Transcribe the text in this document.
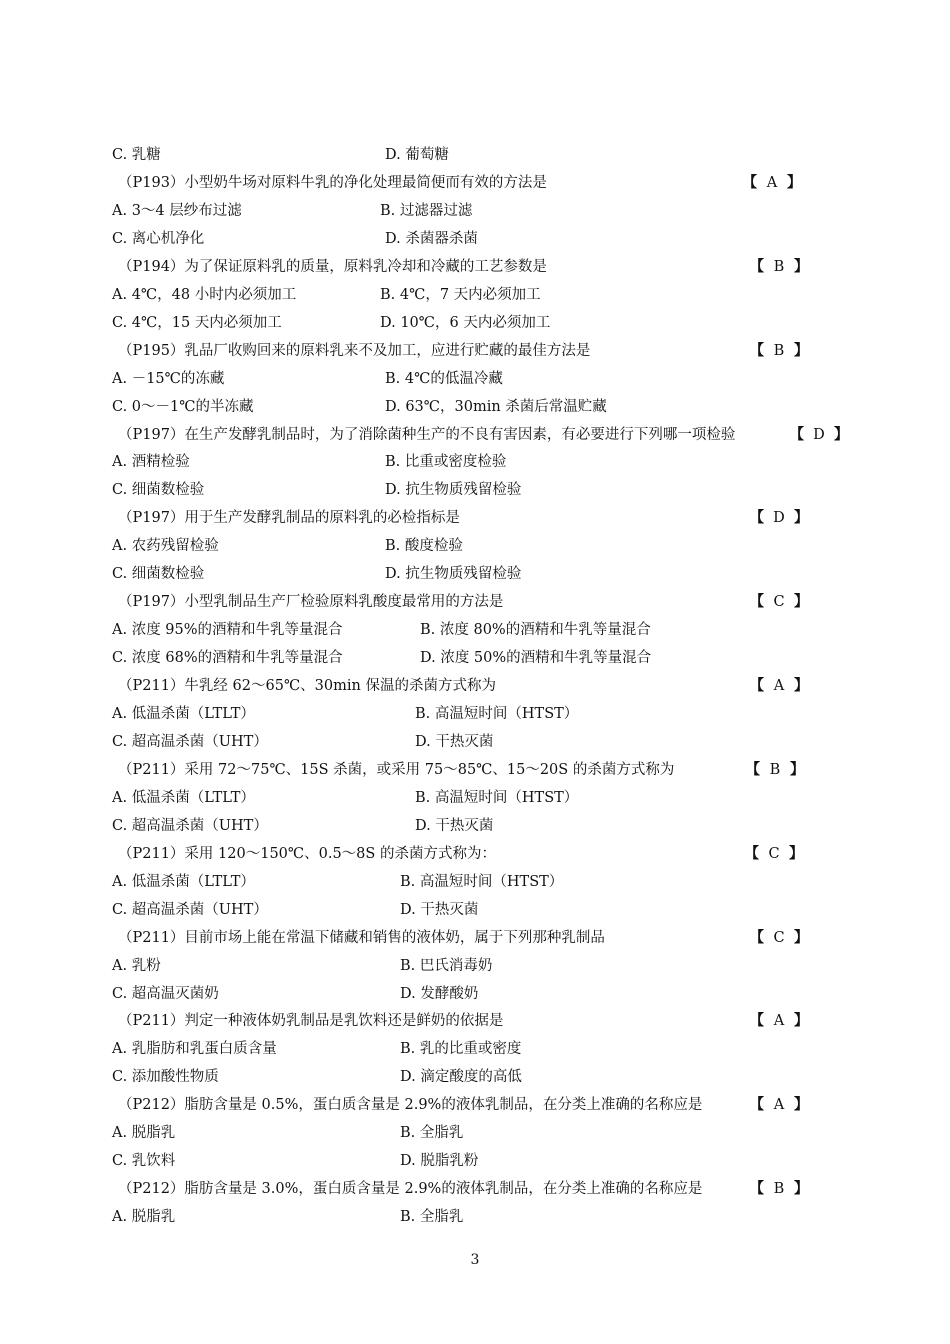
C. 乳糖	D. 葡萄糖
（P193）小型奶牛场对原料牛乳的净化处理最简便而有效的方法是	【 A 】
A. 3～4 层纱布过滤	B. 过滤器过滤
C. 离心机净化	D. 杀菌器杀菌
（P194）为了保证原料乳的质量，原料乳冷却和冷藏的工艺参数是	【 B 】
A. 4℃，48 小时内必须加工	B. 4℃，7 天内必须加工
C. 4℃，15 天内必须加工	D. 10℃，6 天内必须加工
（P195）乳品厂收购回来的原料乳来不及加工，应进行贮藏的最佳方法是	【 B 】
A. －15℃的冻藏	B. 4℃的低温冷藏
C. 0～－1℃的半冻藏	D. 63℃，30min 杀菌后常温贮藏
（P197）在生产发酵乳制品时，为了消除菌种生产的不良有害因素，有必要进行下列哪一项检验	【 D 】
A. 酒精检验	B. 比重或密度检验
C. 细菌数检验	D. 抗生物质残留检验
（P197）用于生产发酵乳制品的原料乳的必检指标是	【 D 】
A. 农药残留检验	B. 酸度检验
C. 细菌数检验	D. 抗生物质残留检验
（P197）小型乳制品生产厂检验原料乳酸度最常用的方法是	【 C 】
A. 浓度 95%的酒精和牛乳等量混合	B. 浓度 80%的酒精和牛乳等量混合
C. 浓度 68%的酒精和牛乳等量混合	D. 浓度 50%的酒精和牛乳等量混合
（P211）牛乳经 62～65℃、30min 保温的杀菌方式称为	【 A 】
A. 低温杀菌（LTLT）	B. 高温短时间（HTST）
C. 超高温杀菌（UHT）	D. 干热灭菌
（P211）采用 72～75℃、15S 杀菌，或采用 75～85℃、15～20S 的杀菌方式称为	【 B 】
A. 低温杀菌（LTLT）	B. 高温短时间（HTST）
C. 超高温杀菌（UHT）	D. 干热灭菌
（P211）采用 120～150℃、0.5～8S 的杀菌方式称为：	【 C 】
A. 低温杀菌（LTLT）	B. 高温短时间（HTST）
C. 超高温杀菌（UHT）	D. 干热灭菌
（P211）目前市场上能在常温下储藏和销售的液体奶，属于下列那种乳制品	【 C 】
A. 乳粉	B. 巴氏消毒奶
C. 超高温灭菌奶	D. 发酵酸奶
（P211）判定一种液体奶乳制品是乳饮料还是鲜奶的依据是	【 A 】
A. 乳脂肪和乳蛋白质含量	B. 乳的比重或密度
C. 添加酸性物质	D. 滴定酸度的高低
（P212）脂肪含量是 0.5%，蛋白质含量是 2.9%的液体乳制品，在分类上准确的名称应是	【 A 】
A. 脱脂乳	B. 全脂乳
C. 乳饮料	D. 脱脂乳粉
（P212）脂肪含量是 3.0%，蛋白质含量是 2.9%的液体乳制品，在分类上准确的名称应是	【 B 】
A. 脱脂乳	B. 全脂乳
3
